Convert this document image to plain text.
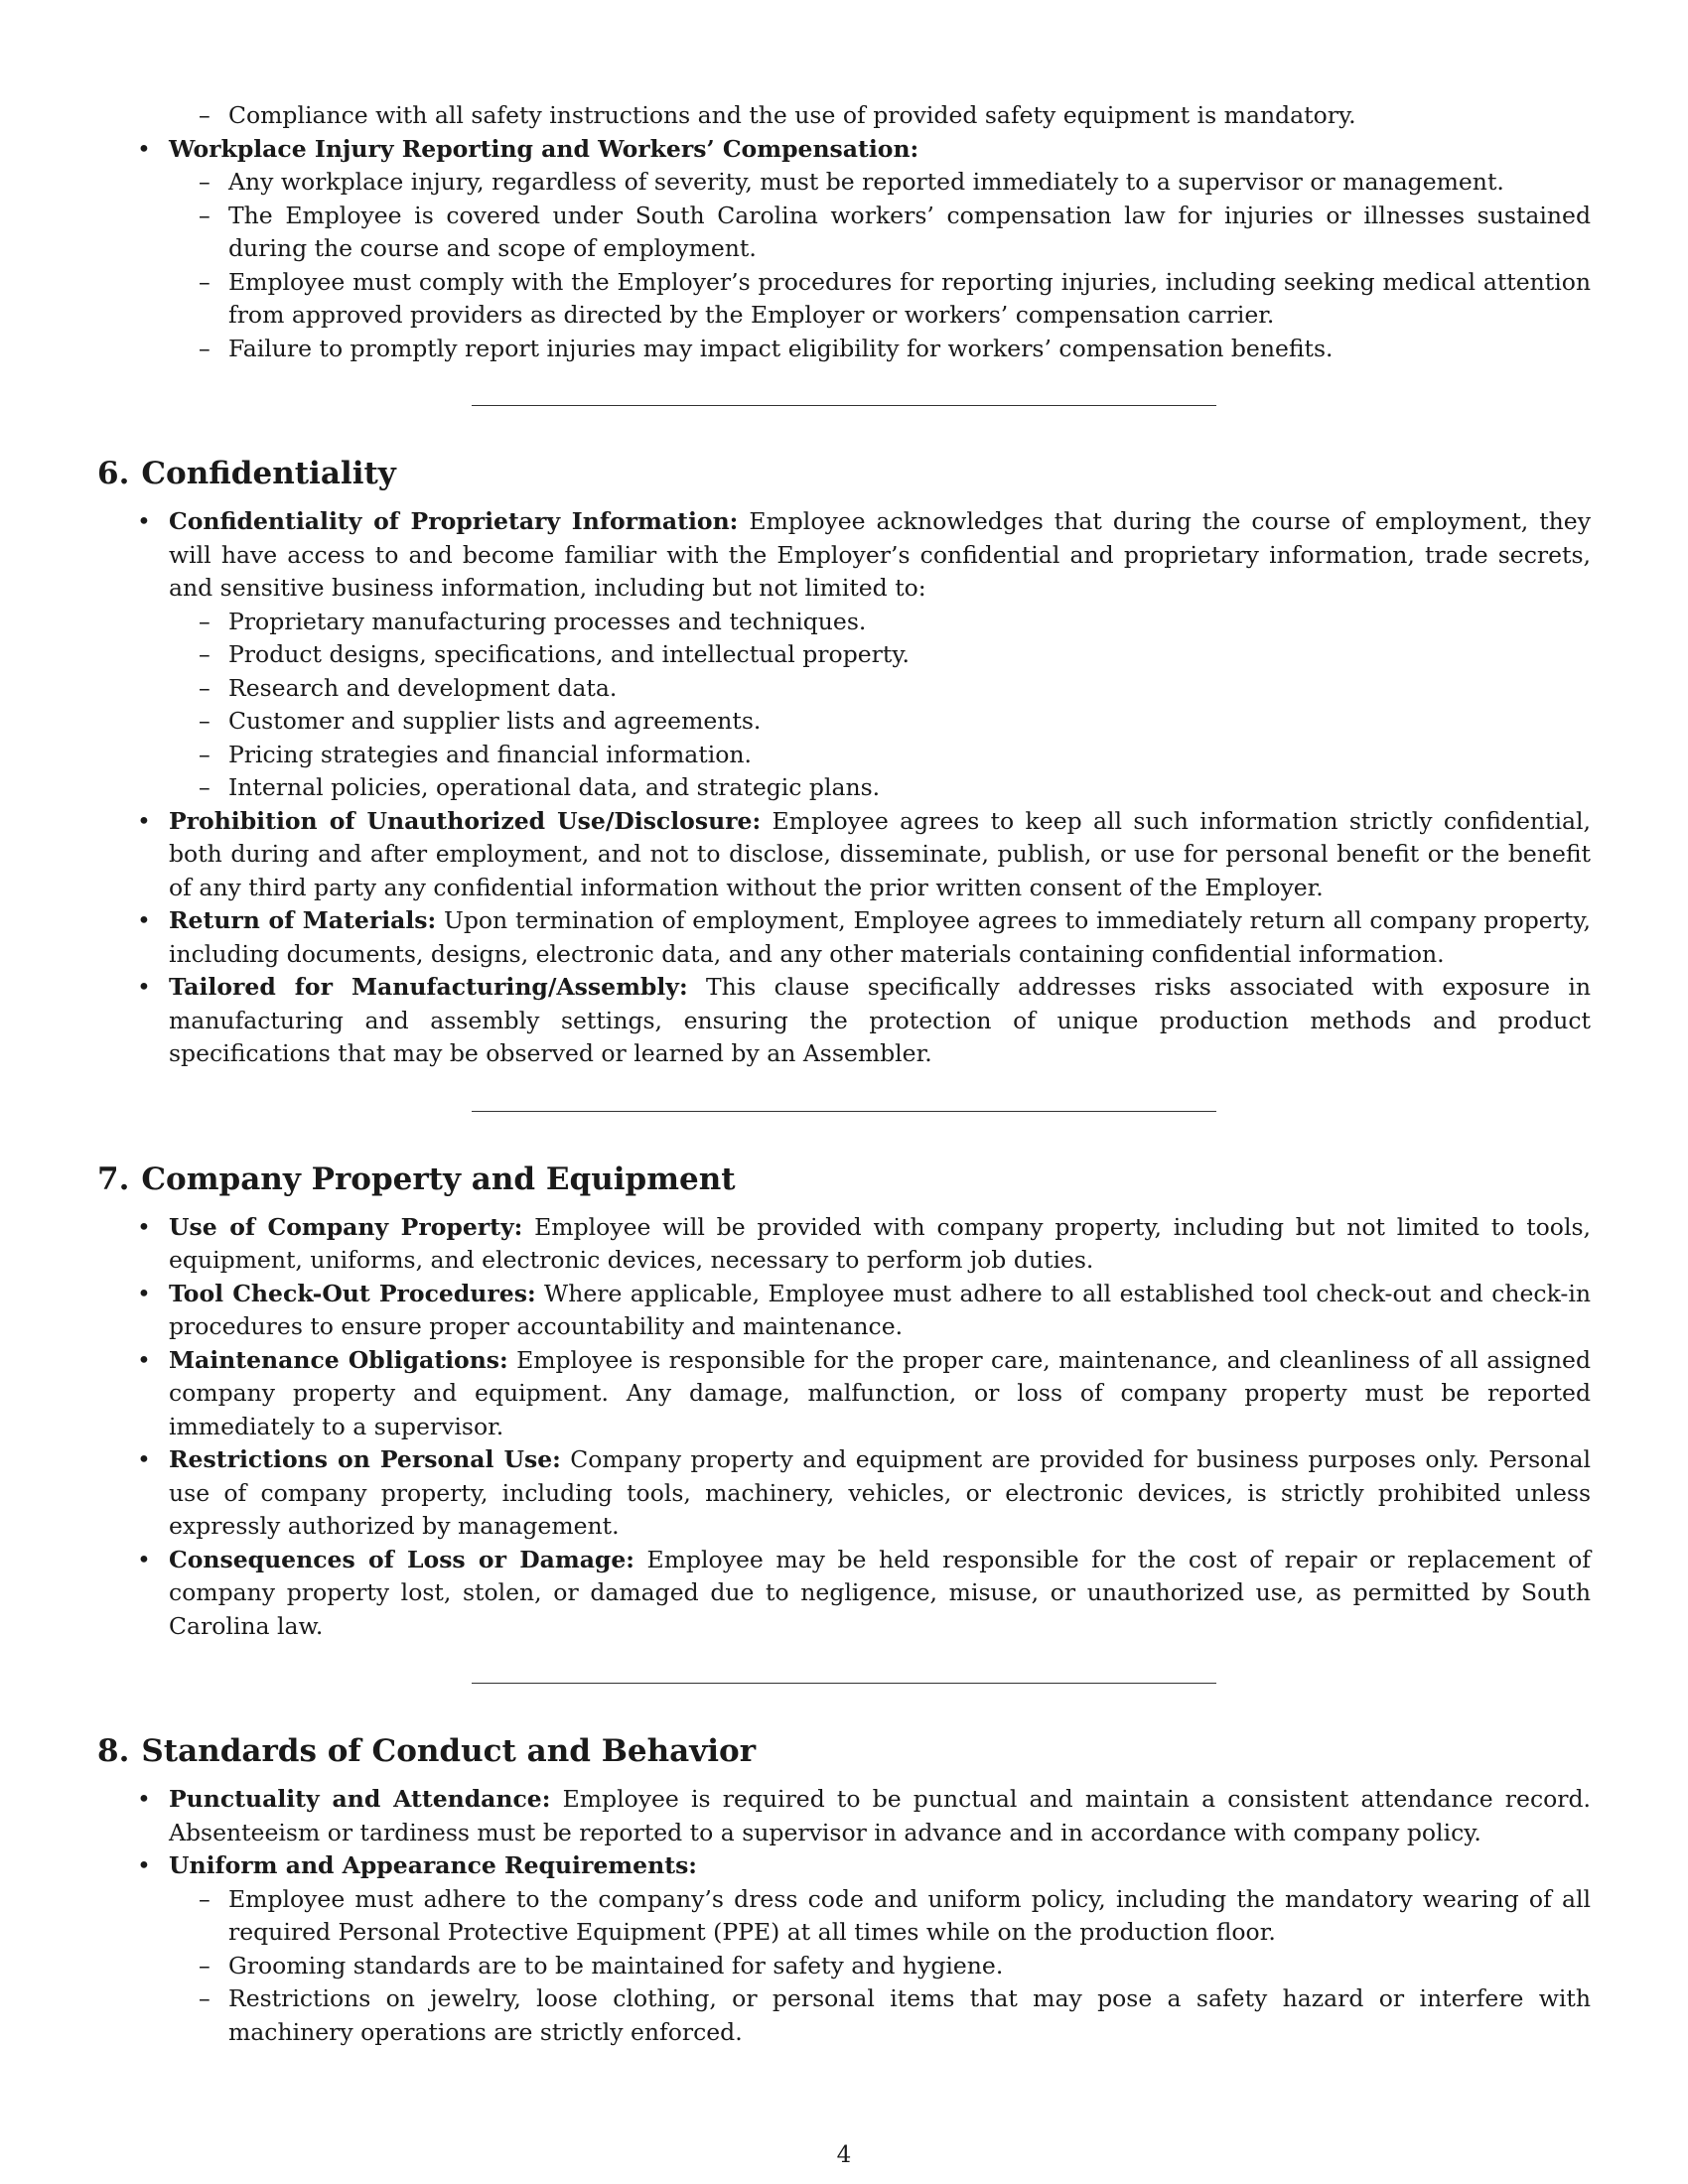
– Compliance with all safety instructions and the use of provided safety equipment is mandatory.
• Workplace Injury Reporting and Workers’ Compensation:
– Any workplace injury, regardless of severity, must be reported immediately to a supervisor or management.
– The Employee is covered under South Carolina workers’ compensation law for injuries or illnesses sustained during the course and scope of employment.
– Employee must comply with the Employer’s procedures for reporting injuries, including seeking medical attention from approved providers as directed by the Employer or workers’ compensation carrier.
– Failure to promptly report injuries may impact eligibility for workers’ compensation benefits.
6. Confidentiality
• Confidentiality of Proprietary Information: Employee acknowledges that during the course of employment, they will have access to and become familiar with the Employer’s confidential and proprietary information, trade secrets, and sensitive business information, including but not limited to:
– Proprietary manufacturing processes and techniques.
– Product designs, specifications, and intellectual property.
– Research and development data.
– Customer and supplier lists and agreements.
– Pricing strategies and financial information.
– Internal policies, operational data, and strategic plans.
• Prohibition of Unauthorized Use/Disclosure: Employee agrees to keep all such information strictly confidential, both during and after employment, and not to disclose, disseminate, publish, or use for personal benefit or the benefit of any third party any confidential information without the prior written consent of the Employer.
• Return of Materials: Upon termination of employment, Employee agrees to immediately return all company property, including documents, designs, electronic data, and any other materials containing confidential information.
• Tailored for Manufacturing/Assembly: This clause specifically addresses risks associated with exposure in manufacturing and assembly settings, ensuring the protection of unique production methods and product specifications that may be observed or learned by an Assembler.
7. Company Property and Equipment
• Use of Company Property: Employee will be provided with company property, including but not limited to tools, equipment, uniforms, and electronic devices, necessary to perform job duties.
• Tool Check-Out Procedures: Where applicable, Employee must adhere to all established tool check-out and check-in procedures to ensure proper accountability and maintenance.
• Maintenance Obligations: Employee is responsible for the proper care, maintenance, and cleanliness of all assigned company property and equipment. Any damage, malfunction, or loss of company property must be reported immediately to a supervisor.
• Restrictions on Personal Use: Company property and equipment are provided for business purposes only. Personal use of company property, including tools, machinery, vehicles, or electronic devices, is strictly prohibited unless expressly authorized by management.
• Consequences of Loss or Damage: Employee may be held responsible for the cost of repair or replacement of company property lost, stolen, or damaged due to negligence, misuse, or unauthorized use, as permitted by South Carolina law.
8. Standards of Conduct and Behavior
• Punctuality and Attendance: Employee is required to be punctual and maintain a consistent attendance record. Absenteeism or tardiness must be reported to a supervisor in advance and in accordance with company policy.
• Uniform and Appearance Requirements:
– Employee must adhere to the company’s dress code and uniform policy, including the mandatory wearing of all required Personal Protective Equipment (PPE) at all times while on the production floor.
– Grooming standards are to be maintained for safety and hygiene.
– Restrictions on jewelry, loose clothing, or personal items that may pose a safety hazard or interfere with machinery operations are strictly enforced.
4
